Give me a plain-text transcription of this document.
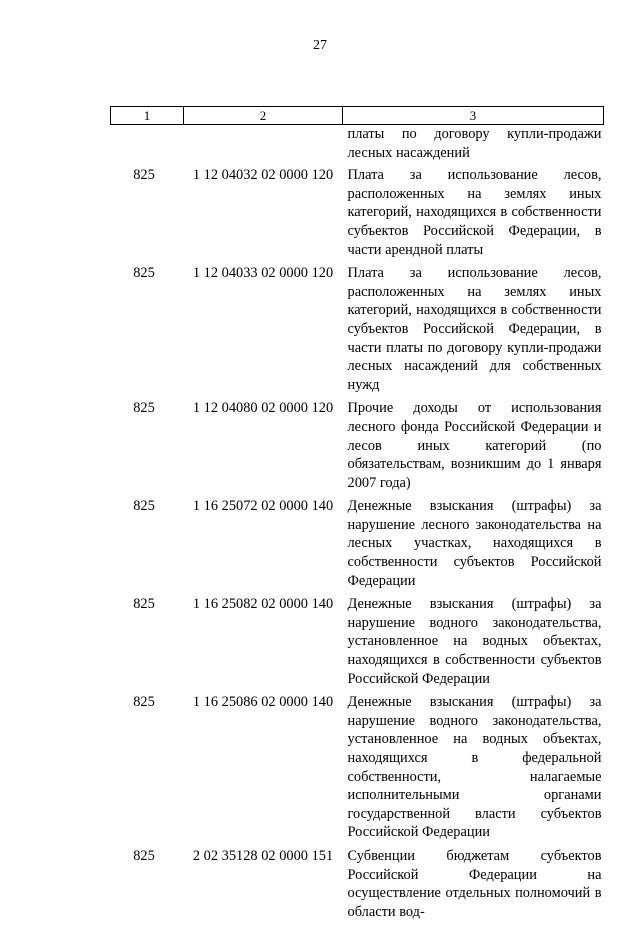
27
1	2	3
		платы по договору купли-продажи лесных насаждений
825	1 12 04032 02 0000 120	Плата за использование лесов, расположенных на землях иных категорий, находящихся в собственности субъектов Российской Федерации, в части арендной платы
825	1 12 04033 02 0000 120	Плата за использование лесов, расположенных на землях иных категорий, находящихся в собственности субъектов Российской Федерации, в части платы по договору купли-продажи лесных насаждений для собственных нужд
825	1 12 04080 02 0000 120	Прочие доходы от использования лесного фонда Российской Федерации и лесов иных категорий (по обязательствам, возникшим до 1 января 2007 года)
825	1 16 25072 02 0000 140	Денежные взыскания (штрафы) за нарушение лесного законодательства на лесных участках, находящихся в собственности субъектов Российской Федерации
825	1 16 25082 02 0000 140	Денежные взыскания (штрафы) за нарушение водного законодательства, установленное на водных объектах, находящихся в собственности субъектов Российской Федерации
825	1 16 25086 02 0000 140	Денежные взыскания (штрафы) за нарушение водного законодательства, установленное на водных объектах, находящихся в федеральной собственности, налагаемые исполнительными органами государственной власти субъектов Российской Федерации
825	2 02 35128 02 0000 151	Субвенции бюджетам субъектов Российской Федерации на осуществление отдельных полномочий в области вод-
